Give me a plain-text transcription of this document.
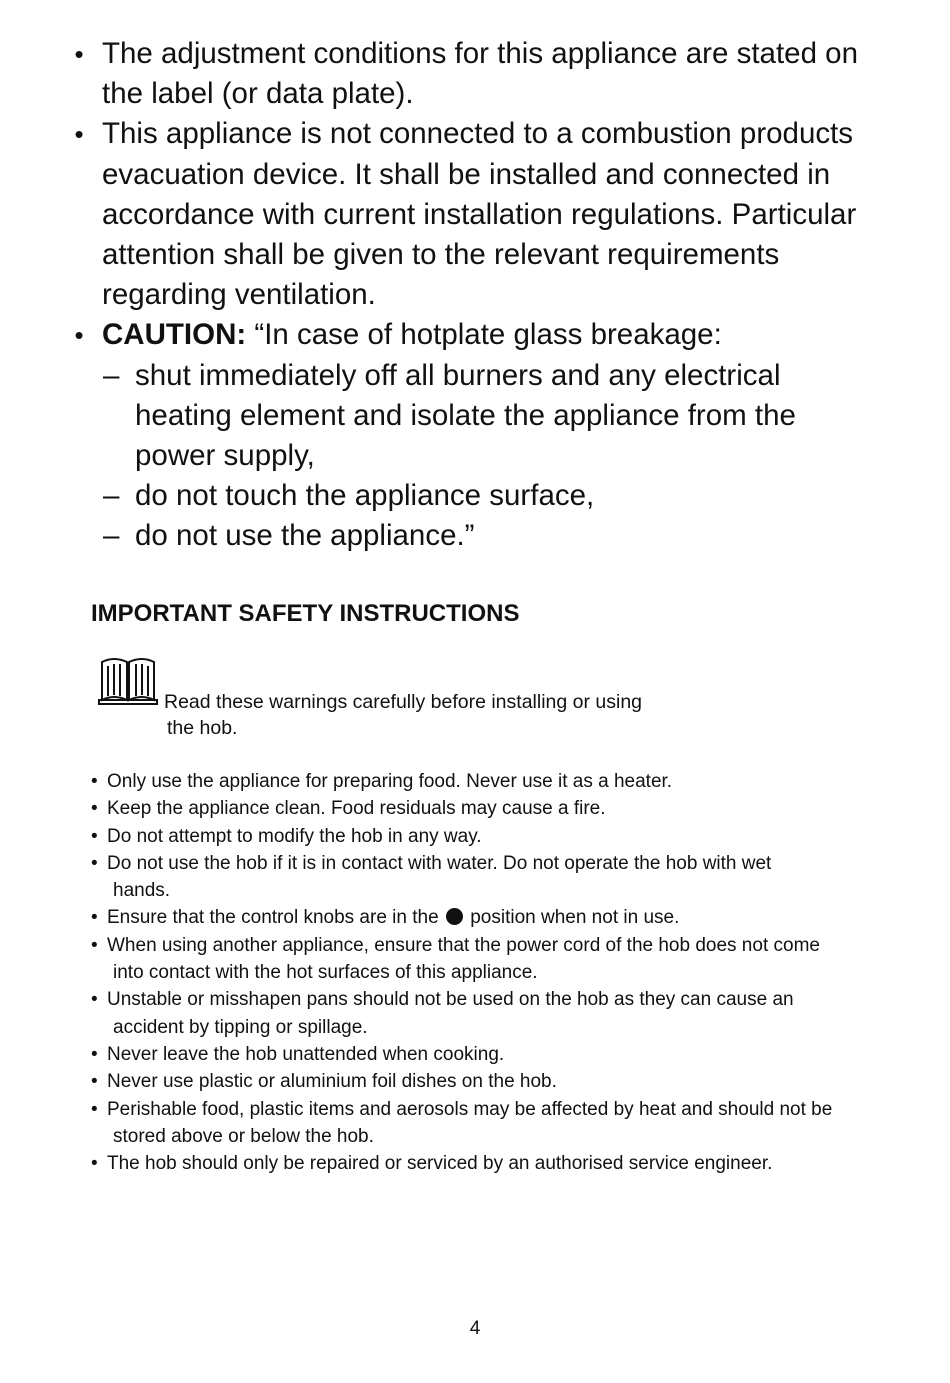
• The adjustment conditions for this appliance are stated on
the label (or data plate).
• This appliance is not connected to a combustion products
evacuation device. It shall be installed and connected in
accordance with current installation regulations. Particular
attention shall be given to the relevant requirements
regarding ventilation.
• CAUTION: “In case of hotplate glass breakage:
– shut immediately off all burners and any electrical
heating element and isolate the appliance from the
power supply,
– do not touch the appliance surface,
– do not use the appliance.”
IMPORTANT SAFETY INSTRUCTIONS
Read these warnings carefully before installing or using
the hob.
• Only use the appliance for preparing food. Never use it as a heater.
• Keep the appliance clean. Food residuals may cause a fire.
• Do not attempt to modify the hob in any way.
• Do not use the hob if it is in contact with water. Do not operate the hob with wet
hands.
• Ensure that the control knobs are in the  position when not in use.
• When using another appliance, ensure that the power cord of the hob does not come
into contact with the hot surfaces of this appliance.
• Unstable or misshapen pans should not be used on the hob as they can cause an
accident by tipping or spillage.
• Never leave the hob unattended when cooking.
• Never use plastic or aluminium foil dishes on the hob.
• Perishable food, plastic items and aerosols may be affected by heat and should not be
stored above or below the hob.
• The hob should only be repaired or serviced by an authorised service engineer.
4
